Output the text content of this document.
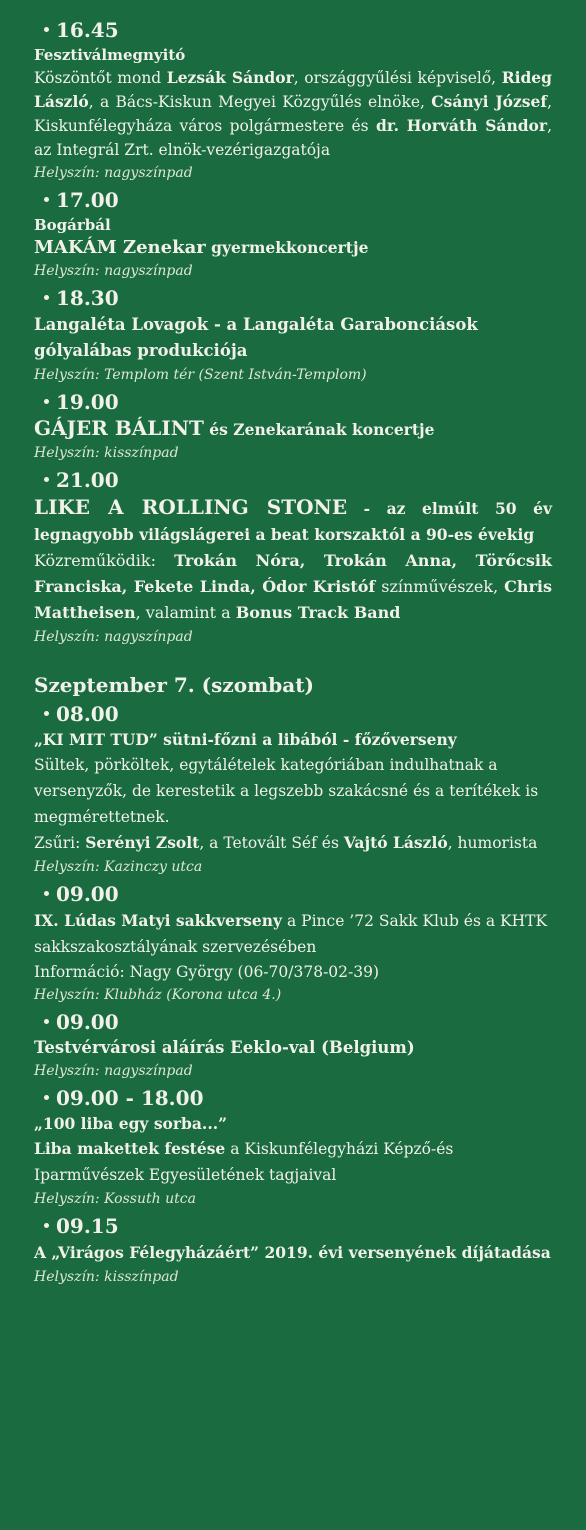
16.45
Fesztiválmegnyitó
Köszöntőt mond Lezsák Sándor, országgyűlési képviselő, Rideg László, a Bács-Kiskun Megyei Közgyűlés elnöke, Csányi József, Kiskunfélegyháza város polgármestere és dr. Horváth Sándor, az Integrál Zrt. elnök-vezérigazgatója
Helyszín: nagyszínpad
17.00
Bogárbál
MAKÁM Zenekar gyermekkoncertje
Helyszín: nagyszínpad
18.30
Langaléta Lovagok - a Langaléta Garabonciások gólyalábas produkciója
Helyszín: Templom tér (Szent István-Templom)
19.00
GÁJER BÁLINT és Zenekarának koncertje
Helyszín: kisszínpad
21.00
LIKE A ROLLING STONE - az elmúlt 50 év legnagyobb világslágerei a beat korszaktól a 90-es évekig
Közreműködik: Trokán Nóra, Trokán Anna, Törőcsik Franciska, Fekete Linda, Ódor Kristóf színművészek, Chris Mattheisen, valamint a Bonus Track Band
Helyszín: nagyszínpad
Szeptember 7. (szombat)
08.00
„KI MIT TUD” sütni-főzni a libából - főzőverseny
Sültek, pörköltek, egytálételek kategóriában indulhatnak a versenyzők, de kerestetik a legszebb szakácsné és a terítékek is megmérettetnek.
Zsűri: Serényi Zsolt, a Tetovált Séf és Vajtó László, humorista
Helyszín: Kazinczy utca
09.00
IX. Lúdas Matyi sakkverseny a Pince ’72 Sakk Klub és a KHTK sakkszakosztályának szervezésében
Információ: Nagy György (06-70/378-02-39)
Helyszín: Klubház (Korona utca 4.)
09.00
Testvérvárosi aláírás Eeklo-val (Belgium)
Helyszín: nagyszínpad
09.00 - 18.00
„100 liba egy sorba...”
Liba makettek festése a Kiskunfélegyházi Képző-és Iparművészek Egyesületének tagjaival
Helyszín: Kossuth utca
09.15
A „Virágos Félegyházáért” 2019. évi versenyének díjátadása
Helyszín: kisszínpad
